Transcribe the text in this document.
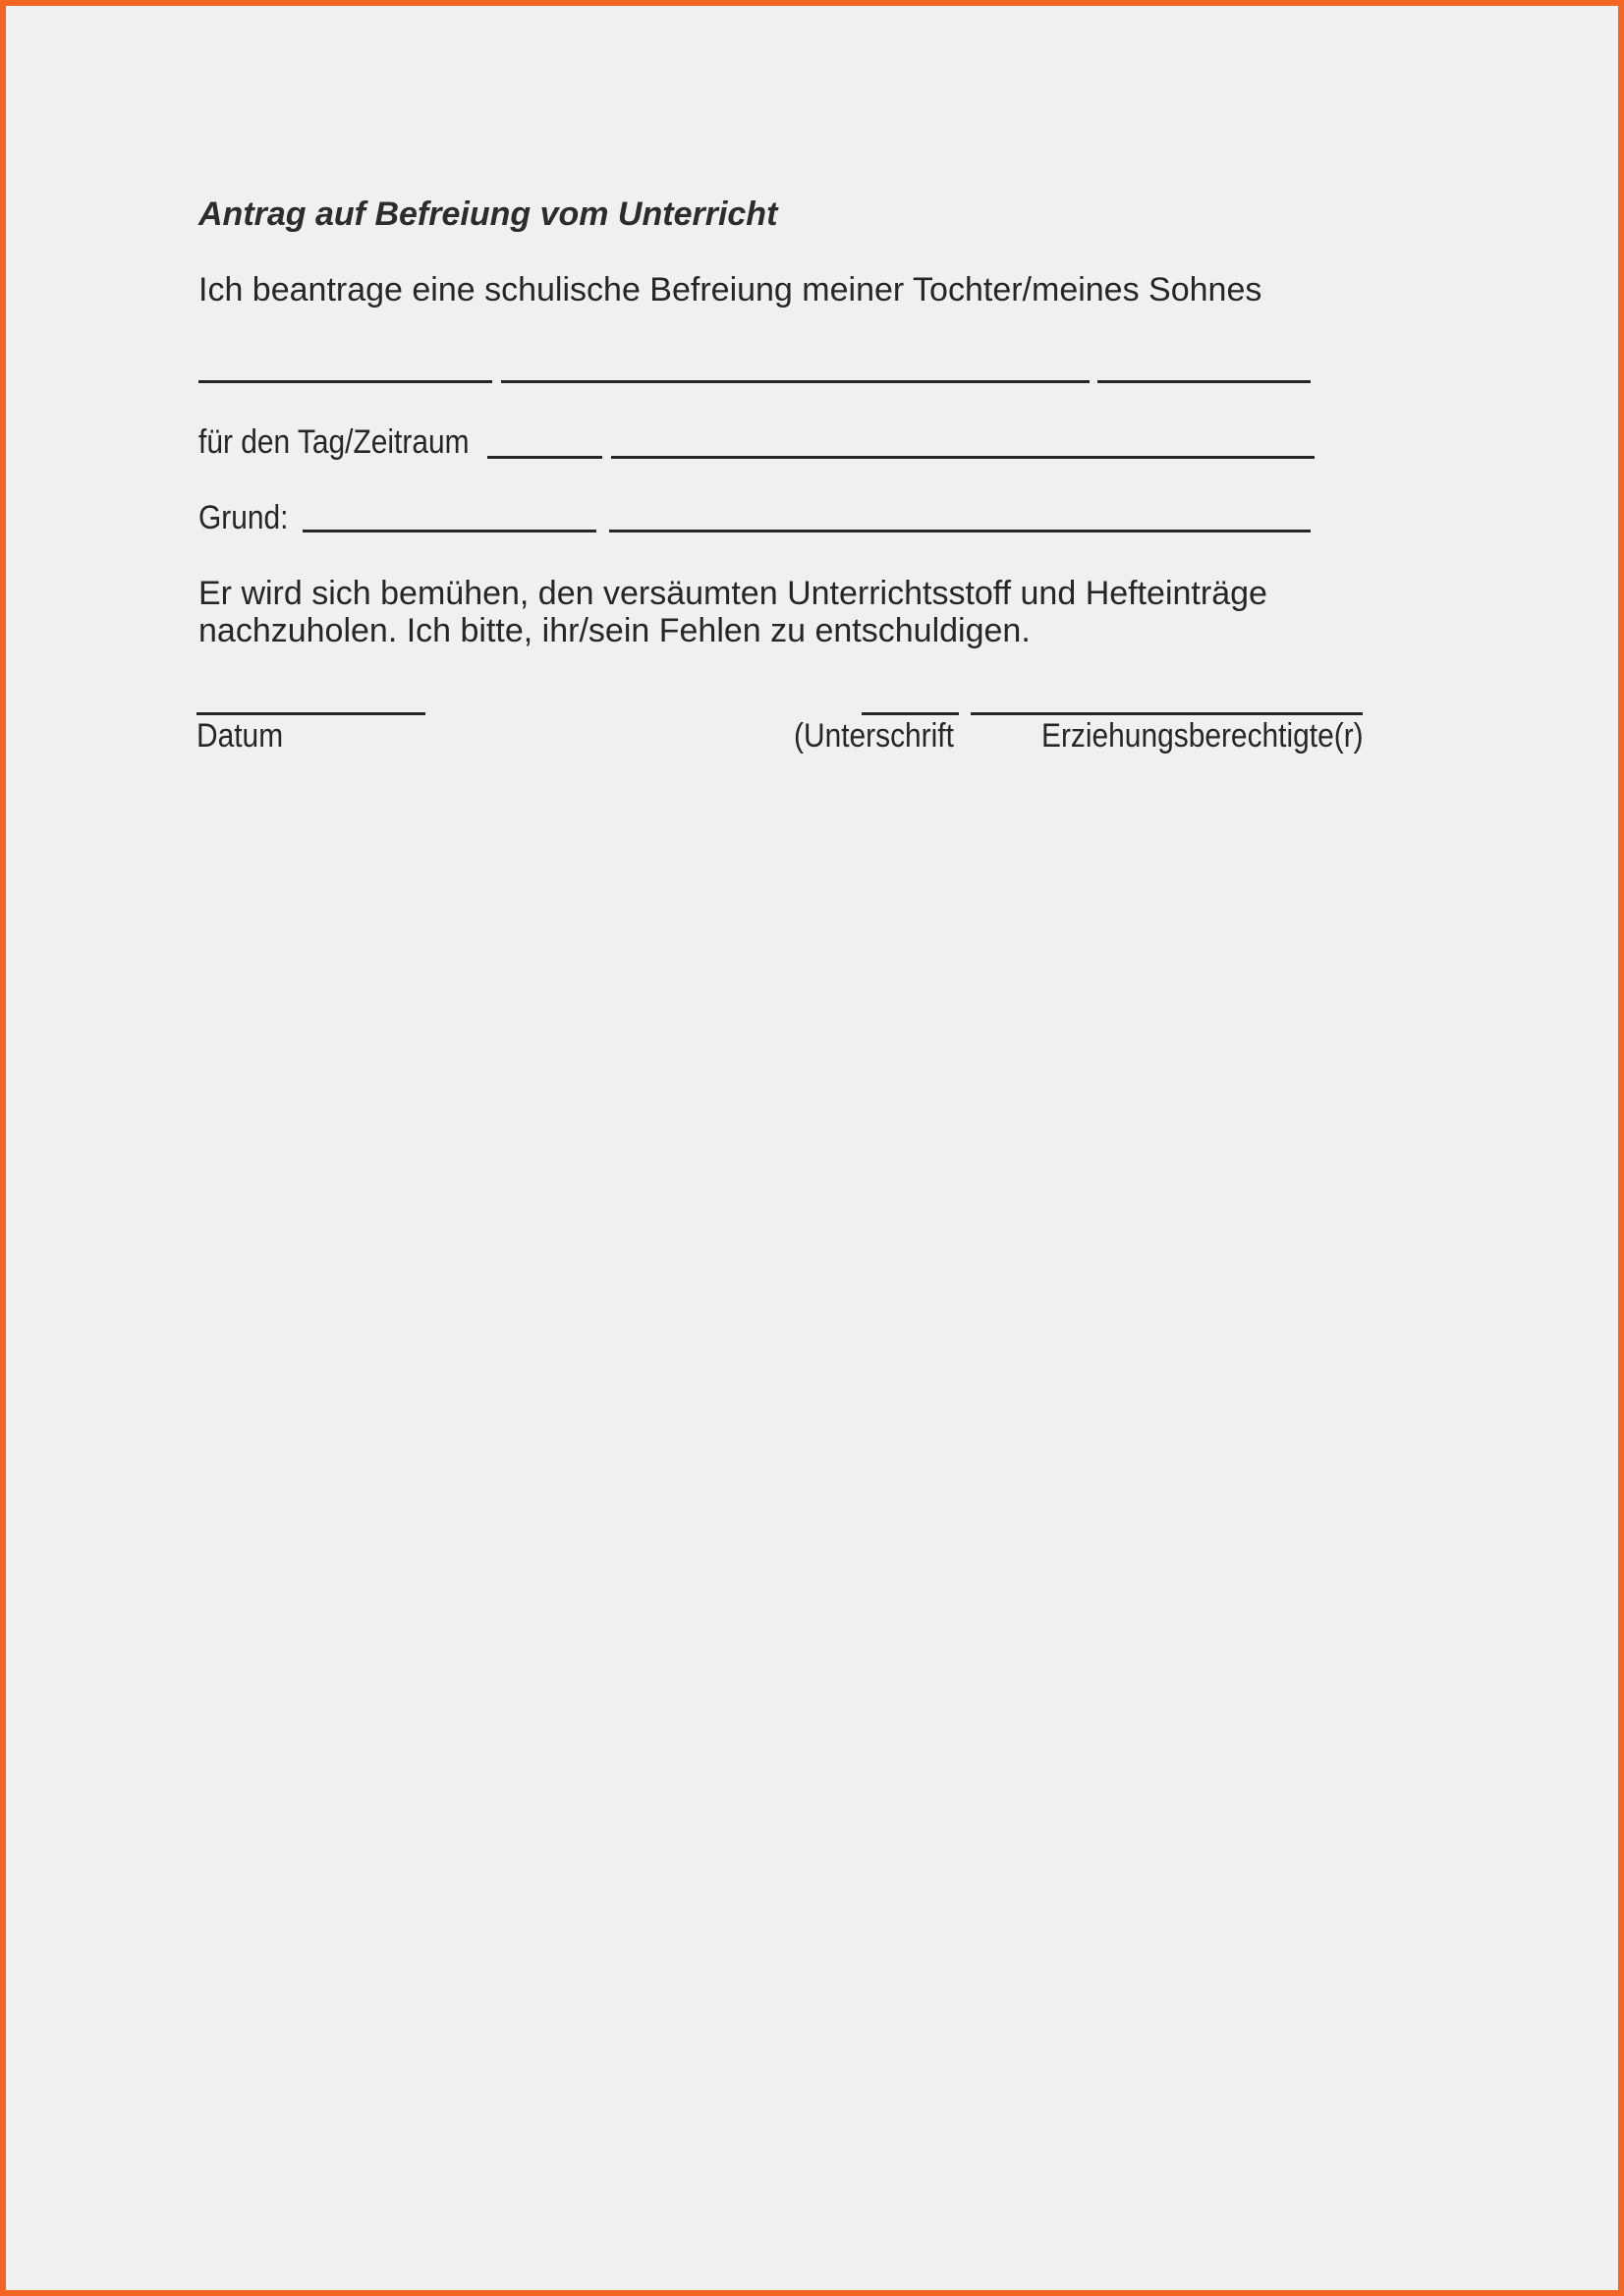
Antrag auf Befreiung vom Unterricht
Ich beantrage eine schulische Befreiung meiner Tochter/meines Sohnes
für den Tag/Zeitraum
Grund:
Er wird sich bemühen, den versäumten Unterrichtsstoff und Hefteinträge
nachzuholen. Ich bitte, ihr/sein Fehlen zu entschuldigen.
Datum	(Unterschrift	Erziehungsberechtigte(r)
